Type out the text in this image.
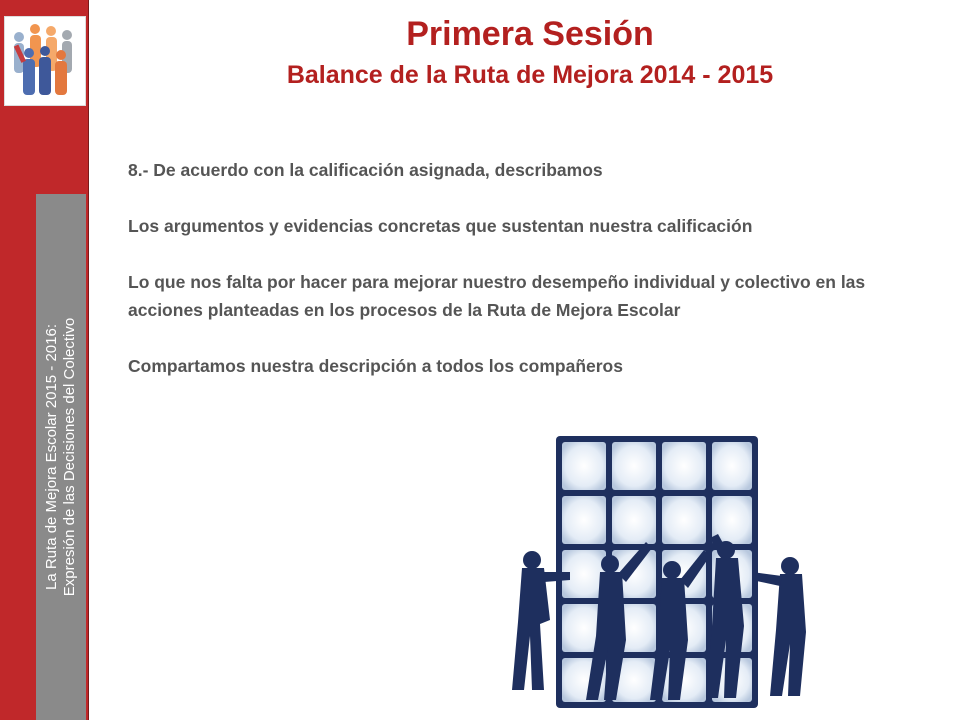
La Ruta de Mejora Escolar 2015 - 2016: Expresión de las Decisiones del Colectivo
Primera Sesión
Balance de la Ruta de Mejora 2014 - 2015

8.- De acuerdo con la calificación asignada, describamos

Los argumentos y evidencias concretas que sustentan nuestra calificación

Lo que nos falta por hacer para mejorar nuestro desempeño individual y colectivo en las acciones planteadas en los procesos de la Ruta de Mejora Escolar

Compartamos nuestra descripción a todos los compañeros
